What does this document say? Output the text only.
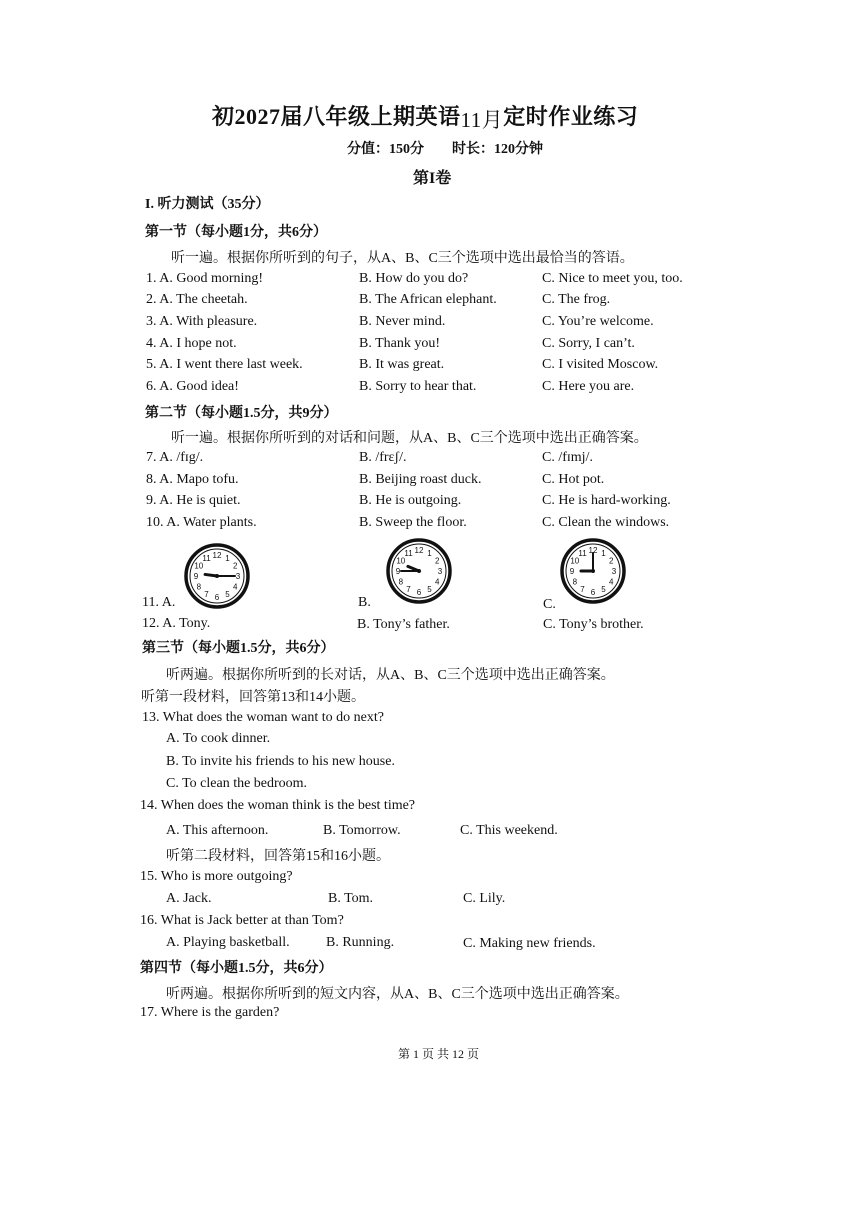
初2027届八年级上期英语11月定时作业练习
分值：150分 时长：120分钟
第I卷
I. 听力测试（35分）
第一节（每小题1分，共6分）
听一遍。根据你所听到的句子，从A、B、C三个选项中选出最恰当的答语。
1. A. Good morning!	B. How do you do?	C. Nice to meet you, too.
2. A. The cheetah.	B. The African elephant.	C. The frog.
3. A. With pleasure.	B. Never mind.	C. You’re welcome.
4. A. I hope not.	B. Thank you!	C. Sorry, I can’t.
5. A. I went there last week.	B. It was great.	C. I visited Moscow.
6. A. Good idea!	B. Sorry to hear that.	C. Here you are.
第二节（每小题1.5分，共9分）
听一遍。根据你所听到的对话和问题，从A、B、C三个选项中选出正确答案。
7. A. /fɪg/.	B. /frɛʃ/.	C. /fɪmj/.
8. A. Mapo tofu.	B. Beijing roast duck.	C. Hot pot.
9. A. He is quiet.	B. He is outgoing.	C. He is hard-working.
10. A. Water plants.	B. Sweep the floor.	C. Clean the windows.
1
2
3
4
5
6
7
8
9
10
11 12	1
2
3
4
5
6
7
8
9
10
11 12	1
2
3
4
5
6
7
8
9
10
11 12
11. A.	B.	C.
12. A. Tony.	B. Tony’s father.	C. Tony’s brother.
第三节（每小题1.5分，共6分）
听两遍。根据你所听到的长对话，从A、B、C三个选项中选出正确答案。
听第一段材料，回答第13和14小题。
13. What does the woman want to do next?
A. To cook dinner.
B. To invite his friends to his new house.
C. To clean the bedroom.
14. When does the woman think is the best time?
A. This afternoon.	B. Tomorrow.	C. This weekend.
听第二段材料，回答第15和16小题。
15. Who is more outgoing?
A. Jack.	B. Tom.	C. Lily.
16. What is Jack better at than Tom?
A. Playing basketball.	B. Running.	C. Making new friends.
第四节（每小题1.5分，共6分）
听两遍。根据你所听到的短文内容，从A、B、C三个选项中选出正确答案。
17. Where is the garden?
第 1 页 共 12 页
